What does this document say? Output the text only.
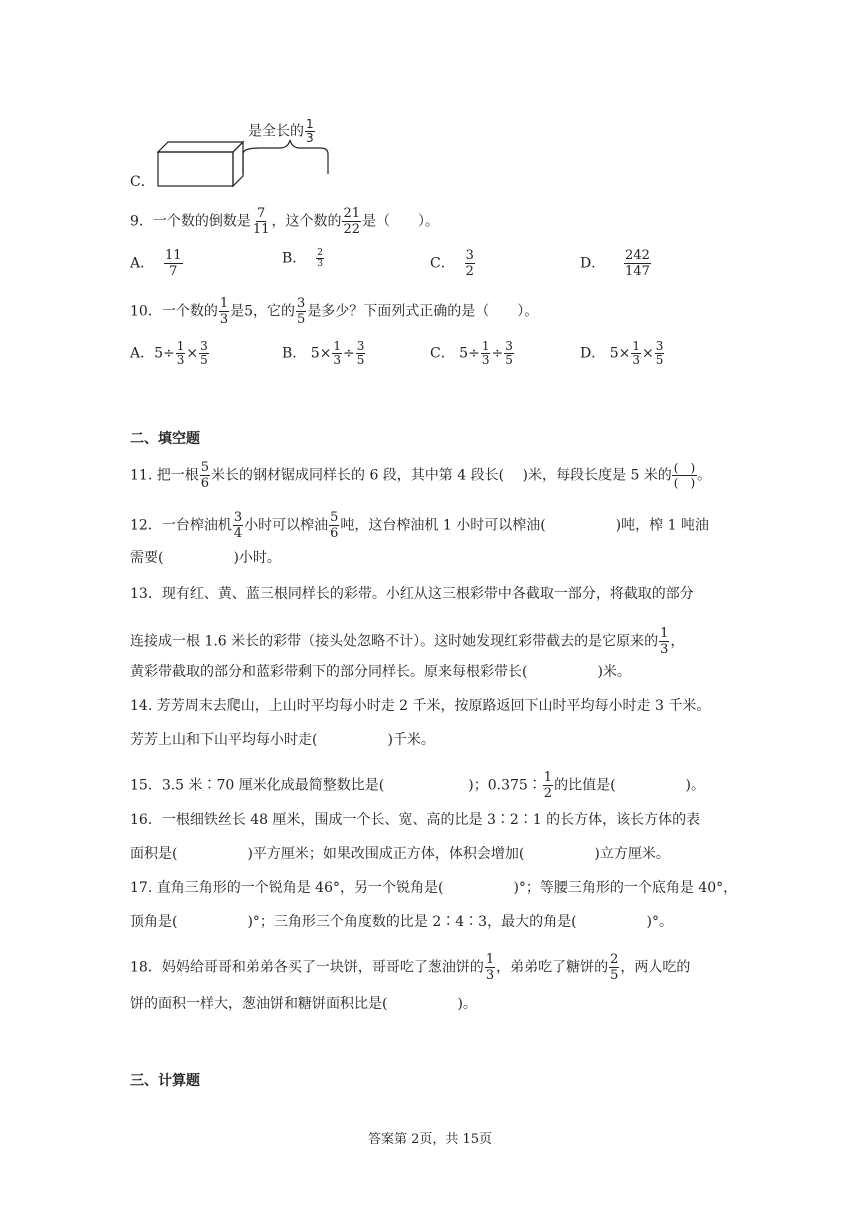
是全长的 $\frac{1}{3}$
C．
9．一个数的倒数是 $\frac{7}{11}$ ，这个数的 $\frac{21}{22}$ 是（　　）。
A． $\frac{11}{7}$	B． $\frac{2}{3}$	C． $\frac{3}{2}$	D． $\frac{242}{147}$
10．一个数的 $\frac{1}{3}$ 是5，它的 $\frac{3}{5}$ 是多少？下面列式正确的是（　　）。
A．$5\div \frac{1}{3} \times \frac{3}{5}$	B． $5\times \frac{1}{3} \div \frac{3}{5}$	C． $5\div \frac{1}{3} \div \frac{3}{5}$	D． $5\times \frac{1}{3} \times \frac{3}{5}$
二、填空题
11. 把一根 $\frac{5}{6}$ 米长的钢材锯成同样长的 6 段，其中第 4 段长(　 )米，每段长度是 5 米的 (　)
(　) 。
12．一台榨油机 $\frac{3}{4}$ 小时可以榨油 $\frac{5}{6}$ 吨，这台榨油机 1 小时可以榨油(　　　　　)吨，榨 1 吨油
需要(　　　　　)小时。
13．现有红、黄、蓝三根同样长的彩带。小红从这三根彩带中各截取一部分，将截取的部分
连接成一根 1.6 米长的彩带（接头处忽略不计）。这时她发现红彩带截去的是它原来的 $\frac{1}{3}$ ，
黄彩带截取的部分和蓝彩带剩下的部分同样长。原来每根彩带长(　　　　　)米。
14. 芳芳周末去爬山，上山时平均每小时走 2 千米，按原路返回下山时平均每小时走 3 千米。
芳芳上山和下山平均每小时走(　　　　　)千米。
15．3.5 米∶70 厘米化成最简整数比是(　　　　　　)；0.375∶ $\frac{1}{2}$ 的比值是(　　　　　)。
16．一根细铁丝长 48 厘米，围成一个长、宽、高的比是 3∶2∶1 的长方体，该长方体的表
面积是(　　　　　)平方厘米；如果改围成正方体，体积会增加(　　　　　)立方厘米。
17. 直角三角形的一个锐角是 46°，另一个锐角是(　　　　　)°；等腰三角形的一个底角是 40°，
顶角是(　　　　　)°；三角形三个角度数的比是 2∶4∶3，最大的角是(　　　　　)°。
18．妈妈给哥哥和弟弟各买了一块饼，哥哥吃了葱油饼的 $\frac{1}{3}$ ，弟弟吃了糖饼的 $\frac{2}{5}$ ，两人吃的
饼的面积一样大，葱油饼和糖饼面积比是(　　　　　)。
三、计算题
答案第 2页，共 15页
